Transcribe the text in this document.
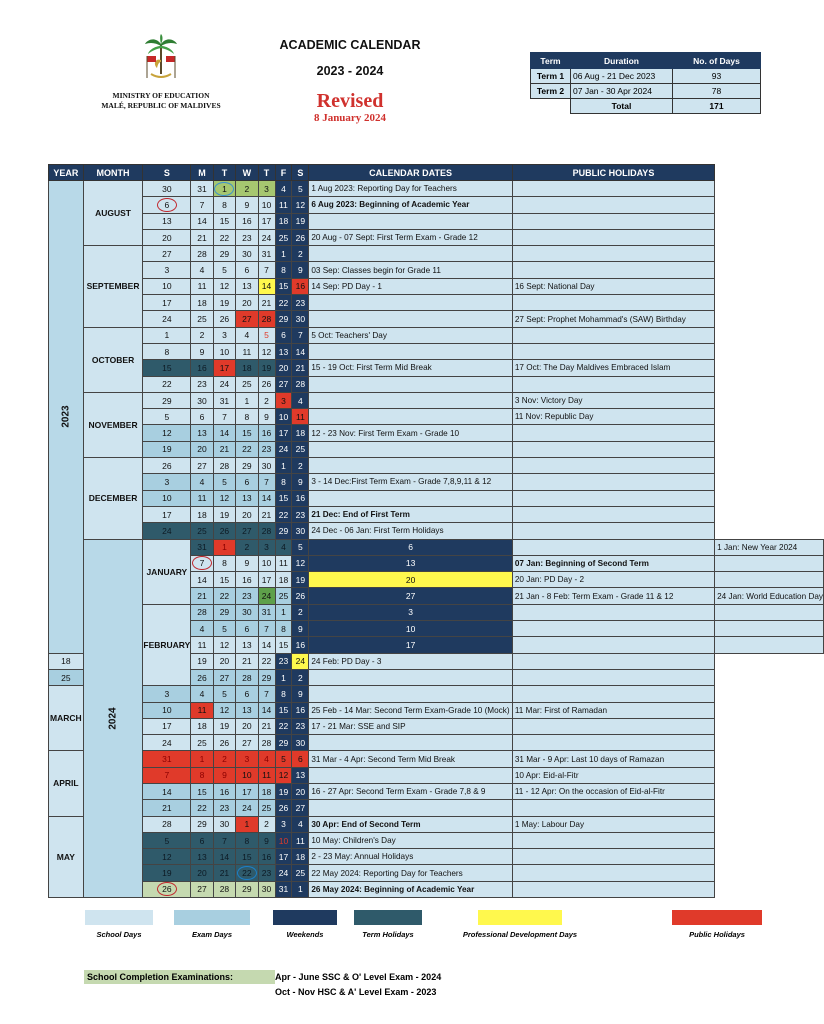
MINISTRY OF EDUCATION
MALÉ, REPUBLIC OF MALDIVES
ACADEMIC CALENDAR
2023 - 2024
Revised
8 January 2024
Term	Duration	No. of Days
Term 1	06 Aug - 21 Dec 2023	93
Term 2	07 Jan - 30 Apr 2024	78
	Total	171
YEAR	MONTH	S	M	T	W	T	F	S	CALENDAR DATES	PUBLIC HOLIDAYS	
2023	AUGUST	30	31	1	2	3	4	5	1 Aug 2023: Reporting Day for Teachers		
		6	7	8	9	10	11	12	6 Aug 2023: Beginning of Academic Year		
		13	14	15	16	17	18	19			
		20	21	22	23	24	25	26	20 Aug - 07 Sept: First Term Exam - Grade 12		
	SEPTEMBER	27	28	29	30	31	1	2			
		3	4	5	6	7	8	9	03 Sep: Classes begin for Grade 11		
		10	11	12	13	14	15	16	14 Sep: PD Day - 1	16 Sept: National Day	
		17	18	19	20	21	22	23			
		24	25	26	27	28	29	30		27 Sept: Prophet Mohammad's (SAW) Birthday	
	OCTOBER	1	2	3	4	5	6	7	5 Oct: Teachers' Day		
		8	9	10	11	12	13	14			
		15	16	17	18	19	20	21	15 - 19 Oct: First Term Mid Break	17 Oct: The Day Maldives Embraced Islam	
		22	23	24	25	26	27	28			
	NOVEMBER	29	30	31	1	2	3	4		3 Nov: Victory Day	
		5	6	7	8	9	10	11		11 Nov: Republic Day	
		12	13	14	15	16	17	18	12 - 23 Nov: First Term Exam - Grade 10		
		19	20	21	22	23	24	25			
	DECEMBER	26	27	28	29	30	1	2			
		3	4	5	6	7	8	9	3 - 14 Dec:First Term Exam - Grade 7,8,9,11 & 12		
		10	11	12	13	14	15	16			
		17	18	19	20	21	22	23	21 Dec: End of First Term		
		24	25	26	27	28	29	30	24 Dec - 06 Jan: First Term Holidays		
	2024	JANUARY	31	1	2	3	4	5	6		1 Jan: New Year 2024
			7	8	9	10	11	12	13	07 Jan: Beginning of Second Term	
			14	15	16	17	18	19	20	20 Jan: PD Day - 2	
			21	22	23	24	25	26	27	21 Jan - 8 Feb: Term Exam - Grade 11 & 12	24 Jan: World Education Day
		FEBRUARY	28	29	30	31	1	2	3		
			4	5	6	7	8	9	10		
			11	12	13	14	15	16	17		
18			19	20	21	22	23	24	24 Feb: PD Day - 3		
25			26	27	28	29	1	2			
MARCH		3	4	5	6	7	8	9			
		10	11	12	13	14	15	16	25 Feb - 14 Mar: Second Term Exam-Grade 10 (Mock)	11 Mar: First of Ramadan	
		17	18	19	20	21	22	23	17 - 21 Mar: SSE and SIP		
		24	25	26	27	28	29	30			
APRIL		31	1	2	3	4	5	6	31 Mar - 4 Apr: Second Term Mid Break	31 Mar - 9 Apr: Last 10 days of Ramazan	
		7	8	9	10	11	12	13		10 Apr: Eid-al-Fitr	
		14	15	16	17	18	19	20	16 - 27 Apr: Second Term Exam - Grade 7,8 & 9	11 - 12 Apr: On the occasion of Eid-al-Fitr	
		21	22	23	24	25	26	27			
MAY		28	29	30	1	2	3	4	30 Apr: End of Second Term	1 May: Labour Day	
		5	6	7	8	9	10	11	10 May: Children's Day		
		12	13	14	15	16	17	18	2 - 23 May: Annual Holidays		
		19	20	21	22	23	24	25	22 May 2024: Reporting Day for Teachers		
		26	27	28	29	30	31	1	26 May 2024: Beginning of Academic Year		
School Days	Exam Days	Weekends	Term Holidays	Professional Development Days	Public Holidays
School Completion Examinations:	Apr - June SSC & O' Level Exam - 2024
Oct - Nov HSC & A' Level Exam - 2023
